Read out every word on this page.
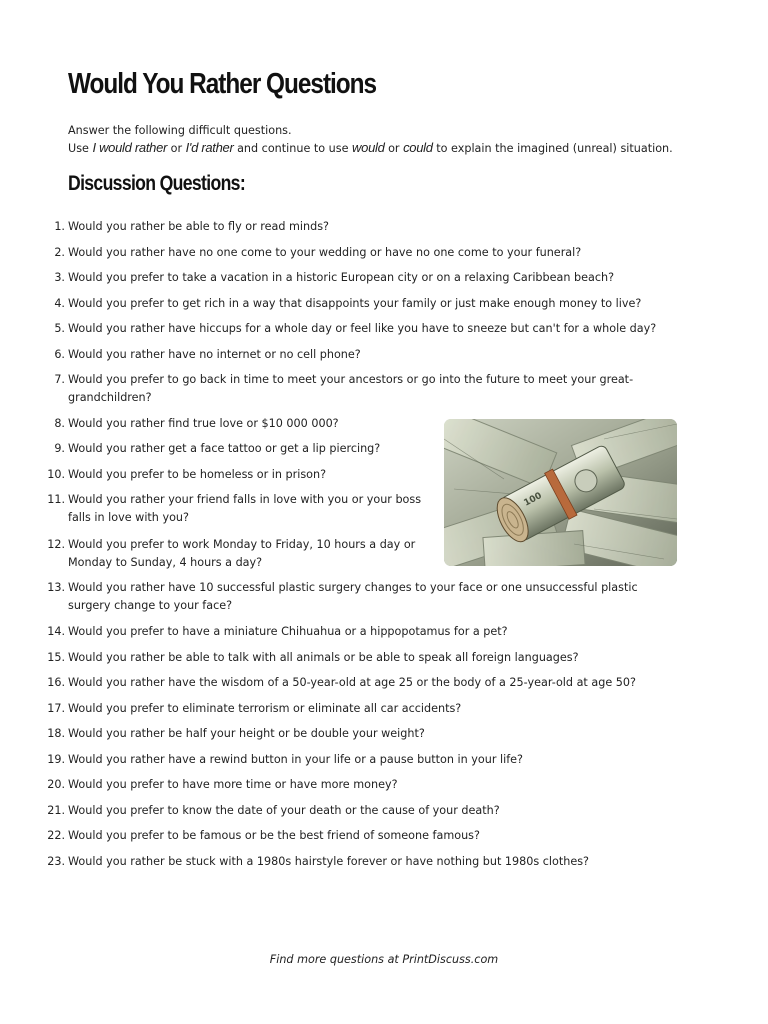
Would You Rather Questions

Answer the following difficult questions.

Use I would rather or I'd rather and continue to use would or could to explain the imagined (unreal) situation.

Discussion Questions:
1. Would you rather be able to fly or read minds?
2. Would you rather have no one come to your wedding or have no one come to your funeral?
3. Would you prefer to take a vacation in a historic European city or on a relaxing Caribbean beach?
4. Would you prefer to get rich in a way that disappoints your family or just make enough money to live?
5. Would you rather have hiccups for a whole day or feel like you have to sneeze but can't for a whole day?
6. Would you rather have no internet or no cell phone?
7. Would you prefer to go back in time to meet your ancestors or go into the future to meet your great-grandchildren?
8. Would you rather find true love or $10 000 000?
9. Would you rather get a face tattoo or get a lip piercing?
10. Would you prefer to be homeless or in prison?
11. Would you rather your friend falls in love with you or your boss falls in love with you?
12. Would you prefer to work Monday to Friday, 10 hours a day or Monday to Sunday, 4 hours a day?
13. Would you rather have 10 successful plastic surgery changes to your face or one unsuccessful plastic surgery change to your face?
14. Would you prefer to have a miniature Chihuahua or a hippopotamus for a pet?
15. Would you rather be able to talk with all animals or be able to speak all foreign languages?
16. Would you rather have the wisdom of a 50-year-old at age 25 or the body of a 25-year-old at age 50?
17. Would you prefer to eliminate terrorism or eliminate all car accidents?
18. Would you rather be half your height or be double your weight?
19. Would you rather have a rewind button in your life or a pause button in your life?
20. Would you prefer to have more time or have more money?
21. Would you prefer to know the date of your death or the cause of your death?
22. Would you prefer to be famous or be the best friend of someone famous?
23. Would you rather be stuck with a 1980s hairstyle forever or have nothing but 1980s clothes?
100
Find more questions at PrintDiscuss.com
